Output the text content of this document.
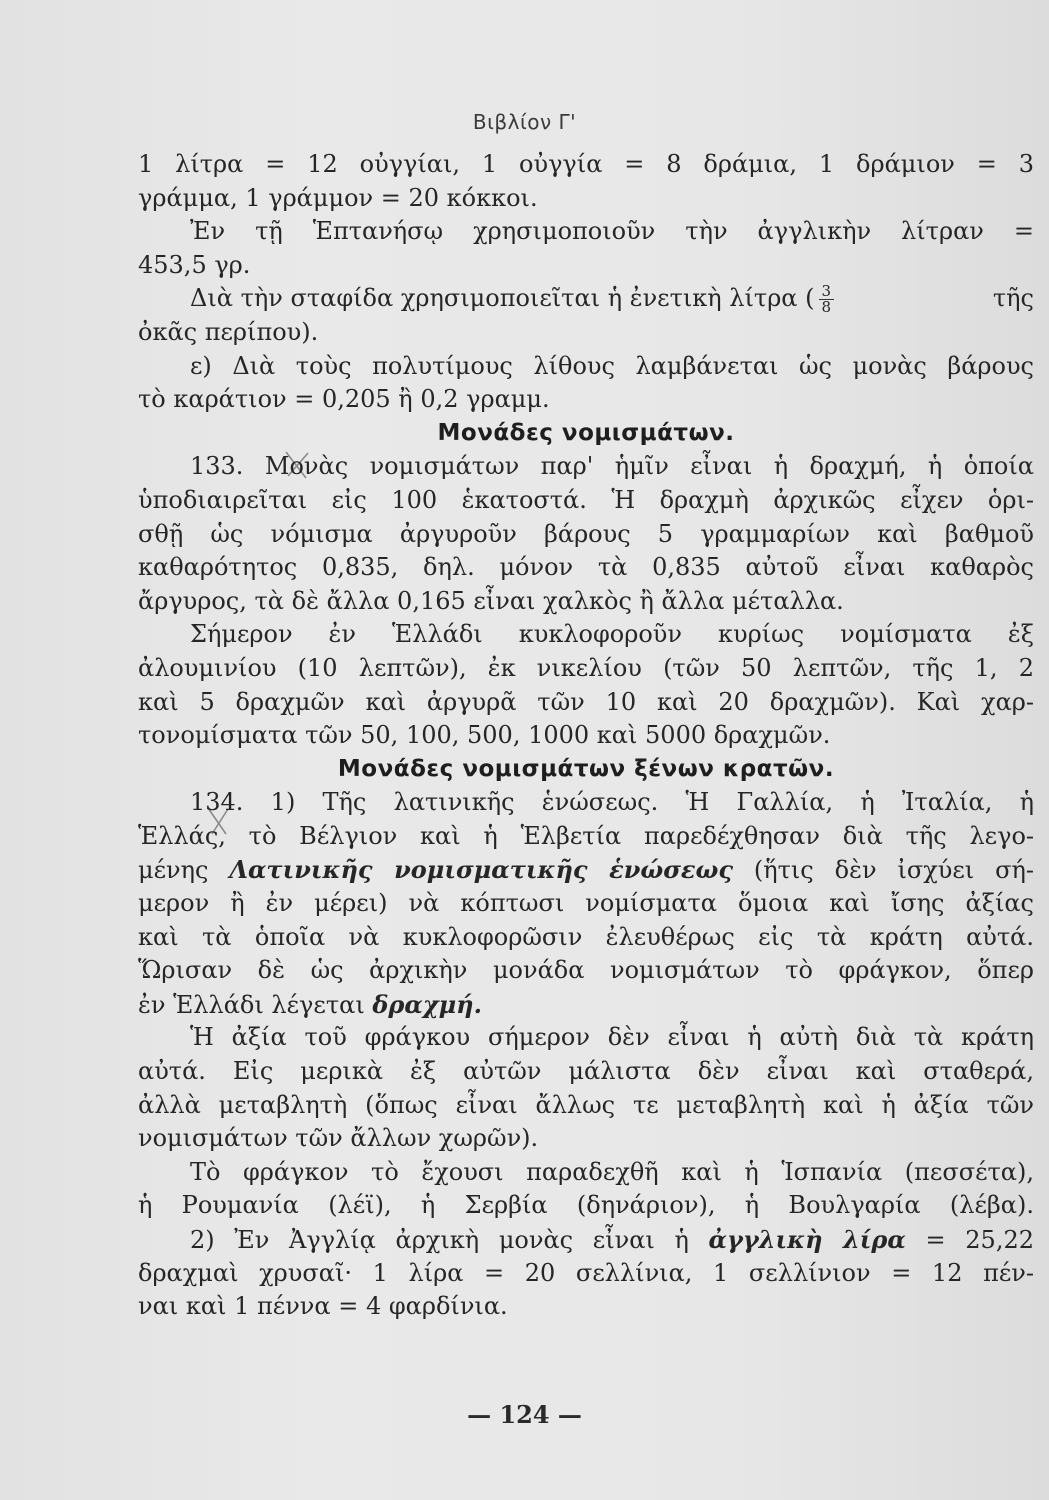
Βιβλίον Γ'
1 λίτρα = 12 οὐγγίαι, 1 οὐγγία = 8 δράμια, 1 δράμιον = 3
γράμμα, 1 γράμμον = 20 κόκκοι.
Ἐν τῇ Ἑπτανήσῳ χρησιμοποιοῦν τὴν ἀγγλικὴν λίτραν =
453,5 γρ.
Διὰ τὴν σταφίδα χρησιμοποιεῖται ἡ ἐνετικὴ λίτρα ( $\frac{3}{8}$	τῆς
ὀκᾶς περίπου).
ε) Διὰ τοὺς πολυτίμους λίθους λαμβάνεται ὡς μονὰς βάρους
τὸ καράτιον = 0,205 ἢ 0,2 γραμμ.
Μονάδες νομισμάτων.
133. Μονὰς νομισμάτων παρ' ἡμῖν εἶναι ἡ δραχμή, ἡ ὁποία
ὑποδιαιρεῖται εἰς 100 ἑκατοστά. Ἡ δραχμὴ ἀρχικῶς εἶχεν ὁρι-
σθῇ ὡς νόμισμα ἀργυροῦν βάρους 5 γραμμαρίων καὶ βαθμοῦ
καθαρότητος 0,835, δηλ. μόνον τὰ 0,835 αὐτοῦ εἶναι καθαρὸς
ἄργυρος, τὰ δὲ ἄλλα 0,165 εἶναι χαλκὸς ἢ ἄλλα μέταλλα.
Σήμερον ἐν Ἑλλάδι κυκλοφοροῦν κυρίως νομίσματα ἐξ
ἀλουμινίου (10 λεπτῶν), ἐκ νικελίου (τῶν 50 λεπτῶν, τῆς 1, 2
καὶ 5 δραχμῶν καὶ ἀργυρᾶ τῶν 10 καὶ 20 δραχμῶν). Καὶ χαρ-
τονομίσματα τῶν 50, 100, 500, 1000 καὶ 5000 δραχμῶν.
Μονάδες νομισμάτων ξένων κρατῶν.
134. 1) Τῆς λατινικῆς ἑνώσεως. Ἡ Γαλλία, ἡ Ἰταλία, ἡ
Ἑλλάς, τὸ Βέλγιον καὶ ἡ Ἑλβετία παρεδέχθησαν διὰ τῆς λεγο-
μένης Λατινικῆς νομισματικῆς ἑνώσεως (ἥτις δὲν ἰσχύει σή-
μερον ἢ ἐν μέρει) νὰ κόπτωσι νομίσματα ὅμοια καὶ ἴσης ἀξίας
καὶ τὰ ὁποῖα νὰ κυκλοφορῶσιν ἐλευθέρως εἰς τὰ κράτη αὐτά.
Ὥρισαν δὲ ὡς ἀρχικὴν μονάδα νομισμάτων τὸ φράγκον, ὅπερ
ἐν Ἑλλάδι λέγεται δραχμή.
Ἡ ἀξία τοῦ φράγκου σήμερον δὲν εἶναι ἡ αὐτὴ διὰ τὰ κράτη
αὐτά. Εἰς μερικὰ ἐξ αὐτῶν μάλιστα δὲν εἶναι καὶ σταθερά,
ἀλλὰ μεταβλητὴ (ὅπως εἶναι ἄλλως τε μεταβλητὴ καὶ ἡ ἀξία τῶν
νομισμάτων τῶν ἄλλων χωρῶν).
Τὸ φράγκον τὸ ἔχουσι παραδεχθῆ καὶ ἡ Ἱσπανία (πεσσέτα),
ἡ Ρουμανία (λέϊ), ἡ Σερβία (δηνάριον), ἡ Βουλγαρία (λέβα).
2) Ἐν Ἀγγλίᾳ ἀρχικὴ μονὰς εἶναι ἡ ἀγγλικὴ λίρα = 25,22
δραχμαὶ χρυσαῖ· 1 λίρα = 20 σελλίνια, 1 σελλίνιον = 12 πέν-
ναι καὶ 1 πέννα = 4 φαρδίνια.
— 124 —
